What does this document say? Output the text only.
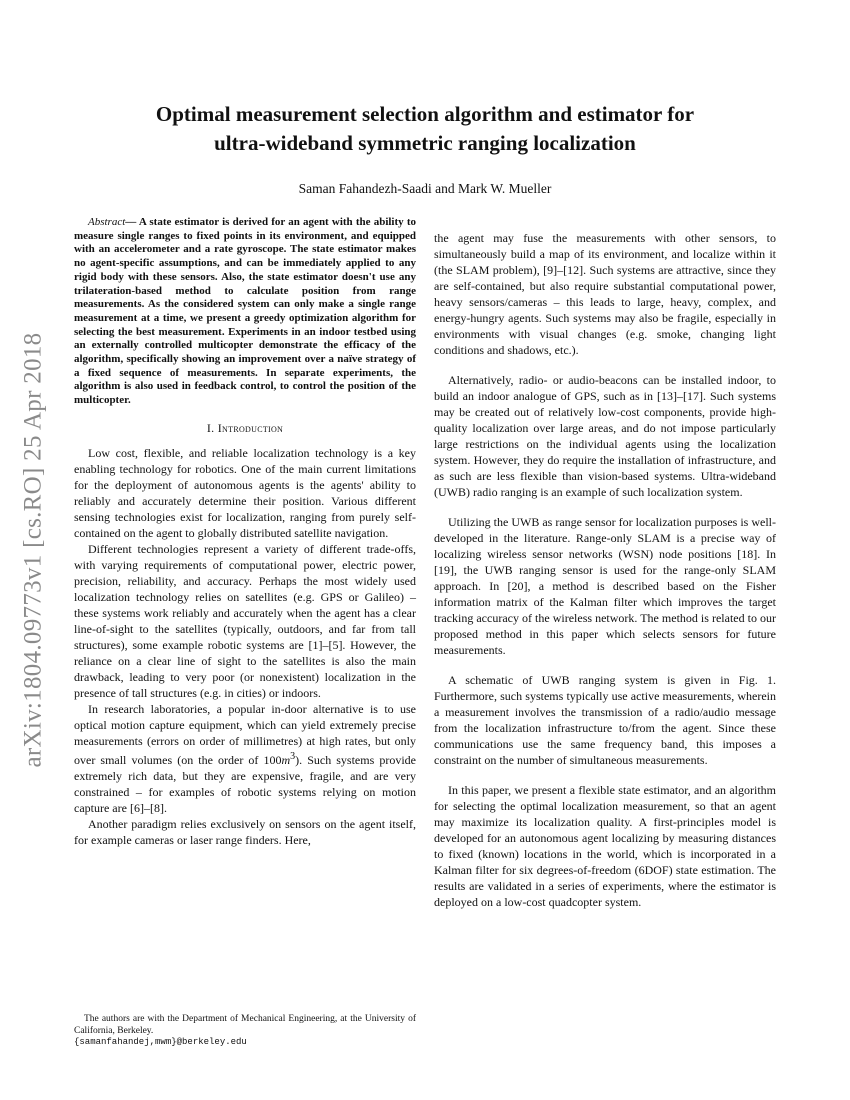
arXiv:1804.09773v1 [cs.RO] 25 Apr 2018
Optimal measurement selection algorithm and estimator for
ultra-wideband symmetric ranging localization
Saman Fahandezh-Saadi and Mark W. Mueller

Abstract— A state estimator is derived for an agent with the ability to measure single ranges to fixed points in its environment, and equipped with an accelerometer and a rate gyroscope. The state estimator makes no agent-specific assumptions, and can be immediately applied to any rigid body with these sensors. Also, the state estimator doesn't use any trilateration-based method to calculate position from range measurements. As the considered system can only make a single range measurement at a time, we present a greedy optimization algorithm for selecting the best measurement. Experiments in an indoor testbed using an externally controlled multicopter demonstrate the efficacy of the algorithm, specifically showing an improvement over a naïve strategy of a fixed sequence of measurements. In separate experiments, the algorithm is also used in feedback control, to control the position of the multicopter.

I. Introduction

Low cost, flexible, and reliable localization technology is a key enabling technology for robotics. One of the main current limitations for the deployment of autonomous agents is the agents' ability to reliably and accurately determine their position. Various different sensing technologies exist for localization, ranging from purely self-contained on the agent to globally distributed satellite navigation.

Different technologies represent a variety of different trade-offs, with varying requirements of computational power, electric power, precision, reliability, and accuracy. Perhaps the most widely used localization technology relies on satellites (e.g. GPS or Galileo) – these systems work reliably and accurately when the agent has a clear line-of-sight to the satellites (typically, outdoors, and far from tall structures), some example robotic systems are [1]–[5]. However, the reliance on a clear line of sight to the satellites is also the main drawback, leading to very poor (or nonexistent) localization in the presence of tall structures (e.g. in cities) or indoors.

In research laboratories, a popular in-door alternative is to use optical motion capture equipment, which can yield extremely precise measurements (errors on order of millimetres) at high rates, but only over small volumes (on the order of $100m^3$). Such systems provide extremely rich data, but they are expensive, fragile, and are very constrained – for examples of robotic systems relying on motion capture are [6]–[8].

Another paradigm relies exclusively on sensors on the agent itself, for example cameras or laser range finders. Here,

The authors are with the Department of Mechanical Engineering, at the University of California, Berkeley.

{samanfahandej,mwm}@berkeley.edu

the agent may fuse the measurements with other sensors, to simultaneously build a map of its environment, and localize within it (the SLAM problem), [9]–[12]. Such systems are attractive, since they are self-contained, but also require substantial computational power, heavy sensors/cameras – this leads to large, heavy, complex, and energy-hungry agents. Such systems may also be fragile, especially in environments with visual changes (e.g. smoke, changing light conditions and shadows, etc.).

Alternatively, radio- or audio-beacons can be installed indoor, to build an indoor analogue of GPS, such as in [13]–[17]. Such systems may be created out of relatively low-cost components, provide high-quality localization over large areas, and do not impose particularly large restrictions on the individual agents using the localization system. However, they do require the installation of infrastructure, and as such are less flexible than vision-based systems. Ultra-wideband (UWB) radio ranging is an example of such localization system.

Utilizing the UWB as range sensor for localization purposes is well-developed in the literature. Range-only SLAM is a precise way of localizing wireless sensor networks (WSN) node positions [18]. In [19], the UWB ranging sensor is used for the range-only SLAM approach. In [20], a method is described based on the Fisher information matrix of the Kalman filter which improves the target tracking accuracy of the wireless network. The method is related to our proposed method in this paper which selects sensors for future measurements.

A schematic of UWB ranging system is given in Fig. 1. Furthermore, such systems typically use active measurements, wherein a measurement involves the transmission of a radio/audio message from the localization infrastructure to/from the agent. Since these communications use the same frequency band, this imposes a constraint on the number of simultaneous measurements.

In this paper, we present a flexible state estimator, and an algorithm for selecting the optimal localization measurement, so that an agent may maximize its localization quality. A first-principles model is developed for an autonomous agent localizing by measuring distances to fixed (known) locations in the world, which is incorporated in a Kalman filter for six degrees-of-freedom (6DOF) state estimation. The results are validated in a series of experiments, where the estimator is deployed on a low-cost quadcopter system.
